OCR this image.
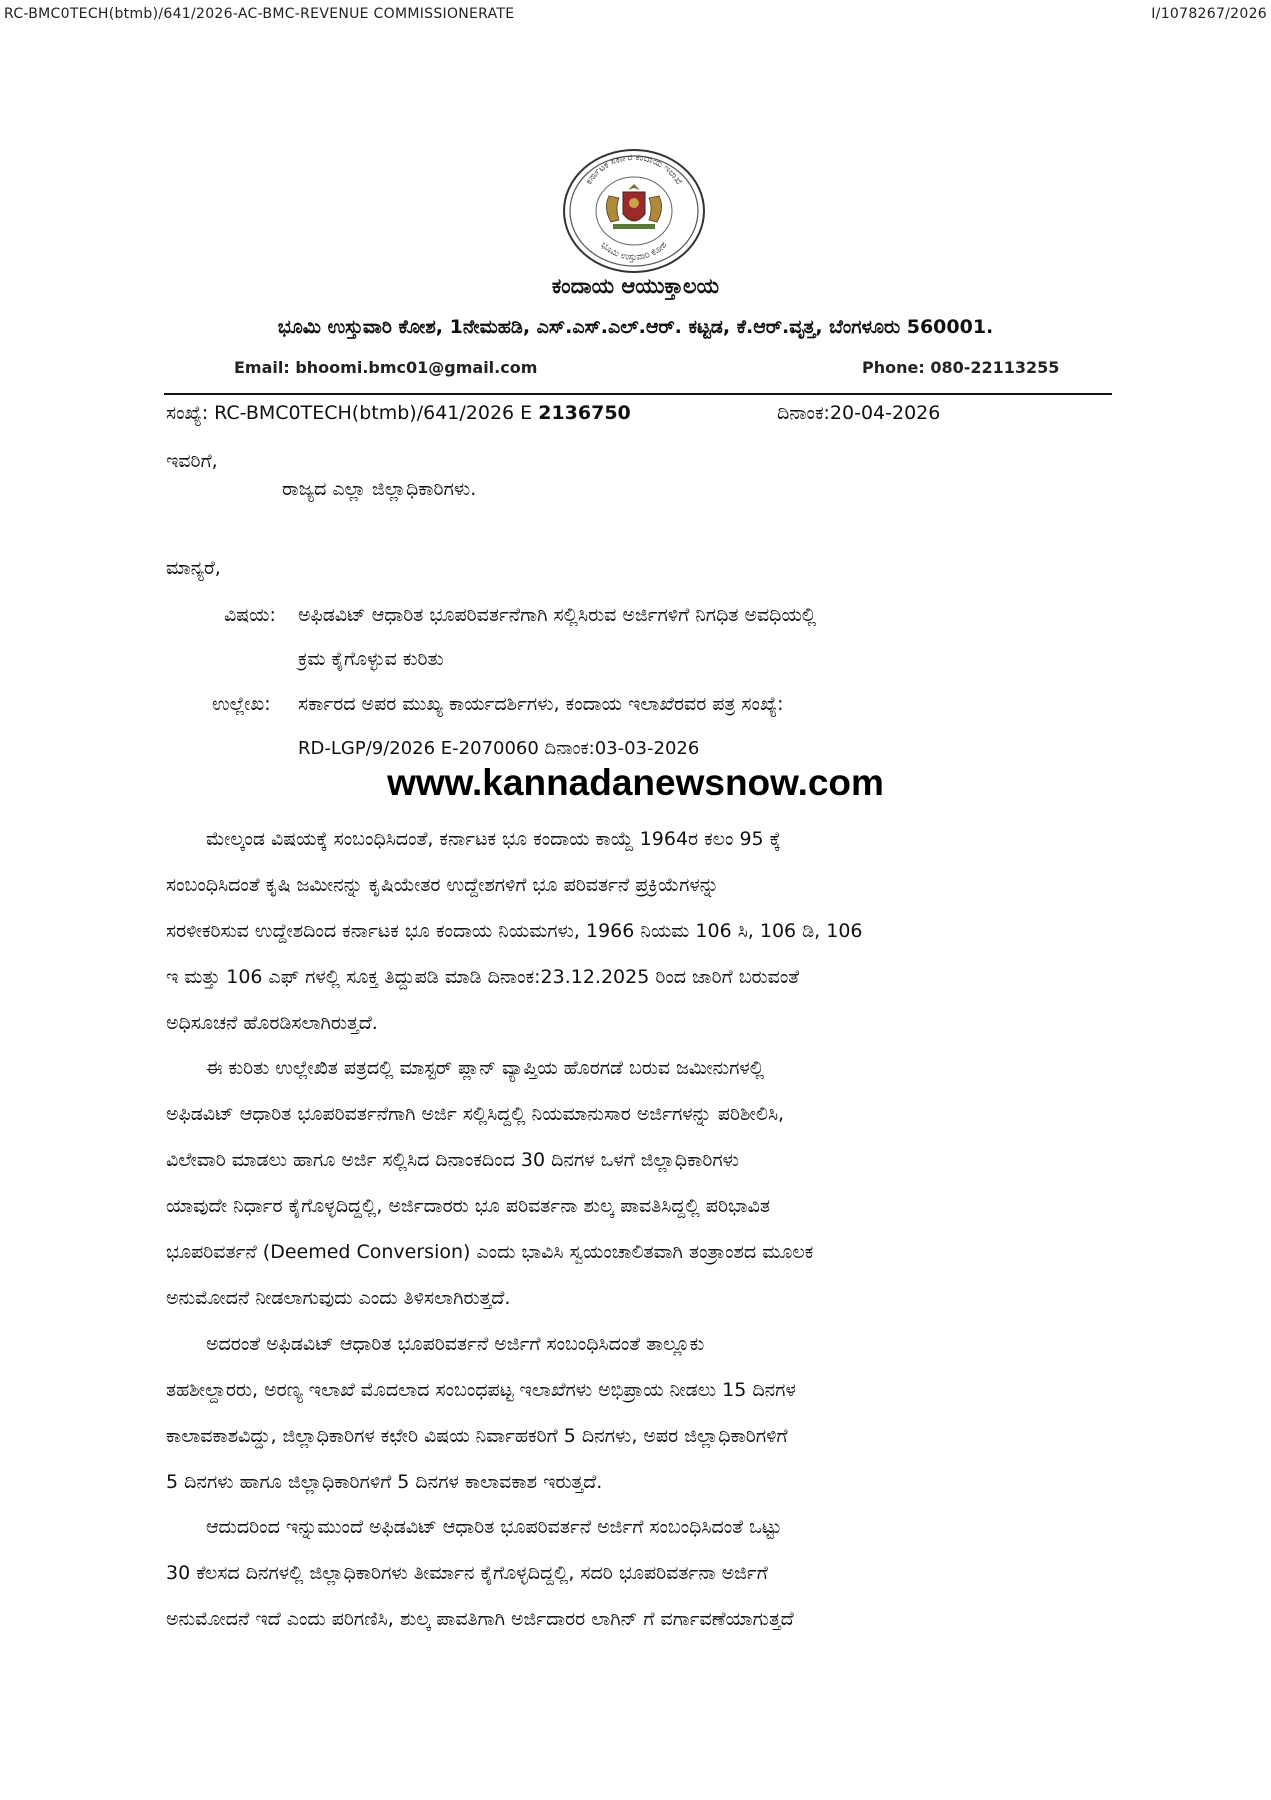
RC-BMC0TECH(btmb)/641/2026-AC-BMC-REVENUE COMMISSIONERATE	I/1078267/2026
ಕರ್ನಾಟಕ ಸರ್ಕಾರ ಕಂದಾಯ ಇಲಾಖೆ
ಭೂಮಿ ಉಸ್ತುವಾರಿ ಕೋಶ
ಕಂದಾಯ ಆಯುಕ್ತಾಲಯ
ಭೂಮಿ ಉಸ್ತುವಾರಿ ಕೋಶ, 1ನೇಮಹಡಿ, ಎಸ್.ಎಸ್.ಎಲ್.ಆರ್. ಕಟ್ಟಡ, ಕೆ.ಆರ್.ವೃತ್ತ, ಬೆಂಗಳೂರು 560001.
Email: bhoomi.bmc01@gmail.com	Phone: 080-22113255
ಸಂಖ್ಯೆ: RC-BMC0TECH(btmb)/641/2026 E 2136750	ದಿನಾಂಕ:20-04-2026
ಇವರಿಗೆ,
ರಾಜ್ಯದ ಎಲ್ಲಾ ಜಿಲ್ಲಾಧಿಕಾರಿಗಳು.
ಮಾನ್ಯರೆ,
ವಿಷಯ: ಅಫಿಡವಿಟ್ ಆಧಾರಿತ ಭೂಪರಿವರ್ತನೆಗಾಗಿ ಸಲ್ಲಿಸಿರುವ ಅರ್ಜಿಗಳಿಗೆ ನಿಗಧಿತ ಅವಧಿಯಲ್ಲಿ
ಕ್ರಮ ಕೈಗೊಳ್ಳುವ ಕುರಿತು
ಉಲ್ಲೇಖ: ಸರ್ಕಾರದ ಅಪರ ಮುಖ್ಯ ಕಾರ್ಯದರ್ಶಿಗಳು, ಕಂದಾಯ ಇಲಾಖೆರವರ ಪತ್ರ ಸಂಖ್ಯೆ:
RD-LGP/9/2026 E-2070060 ದಿನಾಂಕ:03-03-2026
www.kannadanewsnow.com
ಮೇಲ್ಕಂಡ ವಿಷಯಕ್ಕೆ ಸಂಬಂಧಿಸಿದಂತೆ, ಕರ್ನಾಟಕ ಭೂ ಕಂದಾಯ ಕಾಯ್ದೆ 1964ರ ಕಲಂ 95 ಕ್ಕೆ
ಸಂಬಂಧಿಸಿದಂತೆ ಕೃಷಿ ಜಮೀನನ್ನು ಕೃಷಿಯೇತರ ಉದ್ದೇಶಗಳಿಗೆ ಭೂ ಪರಿವರ್ತನೆ ಪ್ರಕ್ರಿಯೆಗಳನ್ನು
ಸರಳೀಕರಿಸುವ ಉದ್ದೇಶದಿಂದ ಕರ್ನಾಟಕ ಭೂ ಕಂದಾಯ ನಿಯಮಗಳು, 1966 ನಿಯಮ 106 ಸಿ, 106 ಡಿ, 106
ಇ ಮತ್ತು 106 ಎಫ್ ಗಳಲ್ಲಿ ಸೂಕ್ತ ತಿದ್ದುಪಡಿ ಮಾಡಿ ದಿನಾಂಕ:23.12.2025 ರಿಂದ ಜಾರಿಗೆ ಬರುವಂತೆ
ಅಧಿಸೂಚನೆ ಹೊರಡಿಸಲಾಗಿರುತ್ತದೆ.
ಈ ಕುರಿತು ಉಲ್ಲೇಖಿತ ಪತ್ರದಲ್ಲಿ ಮಾಸ್ಟರ್ ಪ್ಲಾನ್ ವ್ಯಾಪ್ತಿಯ ಹೊರಗಡೆ ಬರುವ ಜಮೀನುಗಳಲ್ಲಿ
ಅಫಿಡವಿಟ್ ಆಧಾರಿತ ಭೂಪರಿವರ್ತನೆಗಾಗಿ ಅರ್ಜಿ ಸಲ್ಲಿಸಿದ್ದಲ್ಲಿ ನಿಯಮಾನುಸಾರ ಅರ್ಜಿಗಳನ್ನು ಪರಿಶೀಲಿಸಿ,
ವಿಲೇವಾರಿ ಮಾಡಲು ಹಾಗೂ ಅರ್ಜಿ ಸಲ್ಲಿಸಿದ ದಿನಾಂಕದಿಂದ 30 ದಿನಗಳ ಒಳಗೆ ಜಿಲ್ಲಾಧಿಕಾರಿಗಳು
ಯಾವುದೇ ನಿರ್ಧಾರ ಕೈಗೊಳ್ಳದಿದ್ದಲ್ಲಿ, ಅರ್ಜಿದಾರರು ಭೂ ಪರಿವರ್ತನಾ ಶುಲ್ಕ ಪಾವತಿಸಿದ್ದಲ್ಲಿ ಪರಿಭಾವಿತ
ಭೂಪರಿವರ್ತನೆ (Deemed Conversion) ಎಂದು ಭಾವಿಸಿ ಸ್ವಯಂಚಾಲಿತವಾಗಿ ತಂತ್ರಾಂಶದ ಮೂಲಕ
ಅನುಮೋದನೆ ನೀಡಲಾಗುವುದು ಎಂದು ತಿಳಿಸಲಾಗಿರುತ್ತದೆ.
ಅದರಂತೆ ಅಫಿಡವಿಟ್ ಆಧಾರಿತ ಭೂಪರಿವರ್ತನೆ ಅರ್ಜಿಗೆ ಸಂಬಂಧಿಸಿದಂತೆ ತಾಲ್ಲೂಕು
ತಹಶೀಲ್ದಾರರು, ಅರಣ್ಯ ಇಲಾಖೆ ಮೊದಲಾದ ಸಂಬಂಧಪಟ್ಟ ಇಲಾಖೆಗಳು ಅಭಿಪ್ರಾಯ ನೀಡಲು 15 ದಿನಗಳ
ಕಾಲಾವಕಾಶವಿದ್ದು, ಜಿಲ್ಲಾಧಿಕಾರಿಗಳ ಕಛೇರಿ ವಿಷಯ ನಿರ್ವಾಹಕರಿಗೆ 5 ದಿನಗಳು, ಅಪರ ಜಿಲ್ಲಾಧಿಕಾರಿಗಳಿಗೆ
5 ದಿನಗಳು ಹಾಗೂ ಜಿಲ್ಲಾಧಿಕಾರಿಗಳಿಗೆ 5 ದಿನಗಳ ಕಾಲಾವಕಾಶ ಇರುತ್ತದೆ.
ಆದುದರಿಂದ ಇನ್ನುಮುಂದೆ ಅಫಿಡವಿಟ್ ಆಧಾರಿತ ಭೂಪರಿವರ್ತನೆ ಅರ್ಜಿಗೆ ಸಂಬಂಧಿಸಿದಂತೆ ಒಟ್ಟು
30 ಕೆಲಸದ ದಿನಗಳಲ್ಲಿ ಜಿಲ್ಲಾಧಿಕಾರಿಗಳು ತೀರ್ಮಾನ ಕೈಗೊಳ್ಳದಿದ್ದಲ್ಲಿ, ಸದರಿ ಭೂಪರಿವರ್ತನಾ ಅರ್ಜಿಗೆ
ಅನುಮೋದನೆ ಇದೆ ಎಂದು ಪರಿಗಣಿಸಿ, ಶುಲ್ಕ ಪಾವತಿಗಾಗಿ ಅರ್ಜಿದಾರರ ಲಾಗಿನ್ ಗೆ ವರ್ಗಾವಣೆಯಾಗುತ್ತದೆ
